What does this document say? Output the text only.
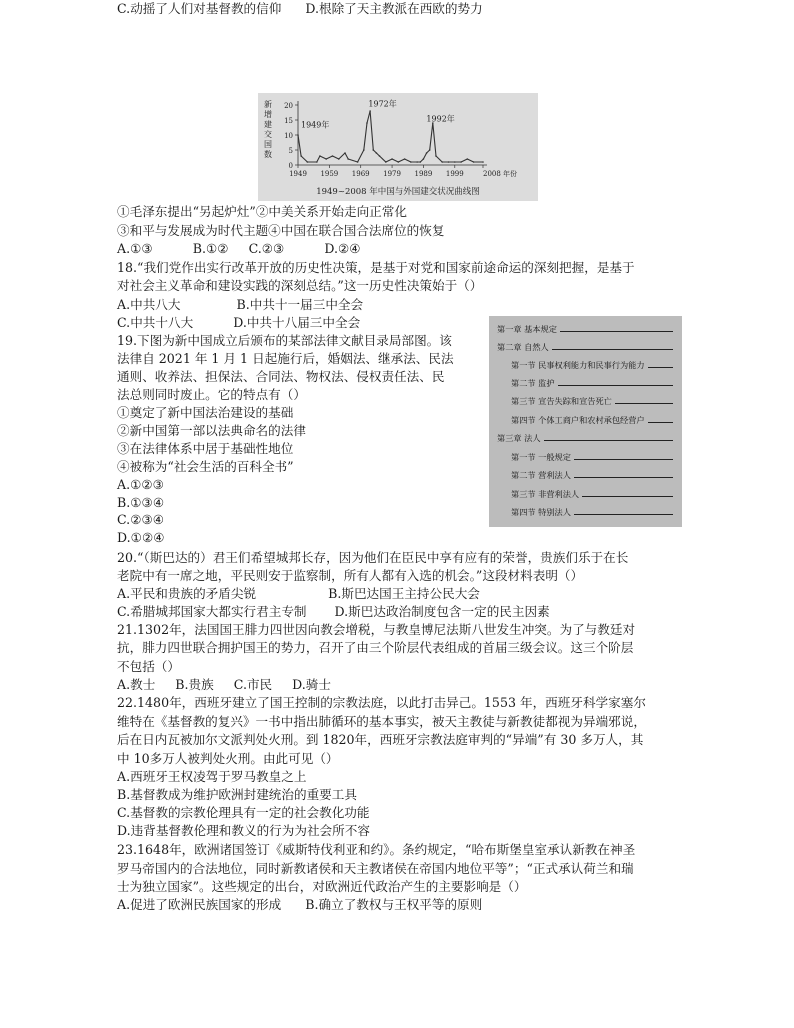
新
增
建
交
国
数
20
15
10
5
0
1949 1959 1969 1979 1989 1999	2008 年份
1949年
1972年
1992年
1949~2008 年中国与外国建交状况曲线图
①毛泽东提出“另起炉灶”②中美关系开始走向正常化
③和平与发展成为时代主题④中国在联合国合法席位的恢复
A.①③          B.①②     C.②③          D.②④
18.“我们党作出实行改革开放的历史性决策，是基于对党和国家前途命运的深刻把握，是基于
对社会主义革命和建设实践的深刻总结。”这一历史性决策始于（）
A.中共八大              B.中共十一届三中全会
C.中共十八大          D.中共十八届三中全会
19.下图为新中国成立后颁布的某部法律文献目录局部图。该
法律自 2021 年 1 月 1 日起施行后，婚姻法、继承法、民法
通则、收养法、担保法、合同法、物权法、侵权责任法、民
法总则同时废止。它的特点有（）
①奠定了新中国法治建设的基础
②新中国第一部以法典命名的法律
③在法律体系中居于基础性地位
④被称为“社会生活的百科全书”
A.①②③
B.①③④
C.②③④
D.①②④
20.“（斯巴达的）君王们希望城邦长存，因为他们在臣民中享有应有的荣誉，贵族们乐于在长
老院中有一席之地，平民则安于监察制，所有人都有入选的机会。”这段材料表明（）
A.平民和贵族的矛盾尖锐                  B.斯巴达国王主持公民大会
C.希腊城邦国家大都实行君主专制       D.斯巴达政治制度包含一定的民主因素
21.1302年，法国国王腓力四世因向教会增税，与教皇博尼法斯八世发生冲突。为了与教廷对
抗，腓力四世联合拥护国王的势力，召开了由三个阶层代表组成的首届三级会议。这三个阶层
不包括（）
A.教士     B.贵族     C.市民     D.骑士
22.1480年，西班牙建立了国王控制的宗教法庭，以此打击异己。1553 年，西班牙科学家塞尔
维特在《基督教的复兴》一书中指出肺循环的基本事实，被天主教徒与新教徒都视为异端邪说，
后在日内瓦被加尔文派判处火刑。到 1820年，西班牙宗教法庭审判的“异端”有 30 多万人，其
中 10多万人被判处火刑。由此可见（）
A.西班牙王权凌驾于罗马教皇之上
B.基督教成为维护欧洲封建统治的重要工具
C.基督教的宗教伦理具有一定的社会教化功能
D.违背基督教伦理和教义的行为为社会所不容
23.1648年，欧洲诸国签订《威斯特伐利亚和约》。条约规定，“哈布斯堡皇室承认新教在神圣
罗马帝国内的合法地位，同时新教诸侯和天主教诸侯在帝国内地位平等”；“正式承认荷兰和瑞
士为独立国家”。这些规定的出台，对欧洲近代政治产生的主要影响是（）
A.促进了欧洲民族国家的形成      B.确立了教权与王权平等的原则
C.动摇了人们对基督教的信仰      D.根除了天主教派在西欧的势力
第一章 基本规定
第二章 自然人
第一节 民事权利能力和民事行为能力
第二节 监护
第三节 宣告失踪和宣告死亡
第四节 个体工商户和农村承包经营户
第三章 法人
第一节 一般规定
第二节 营利法人
第三节 非营利法人
第四节 特别法人
